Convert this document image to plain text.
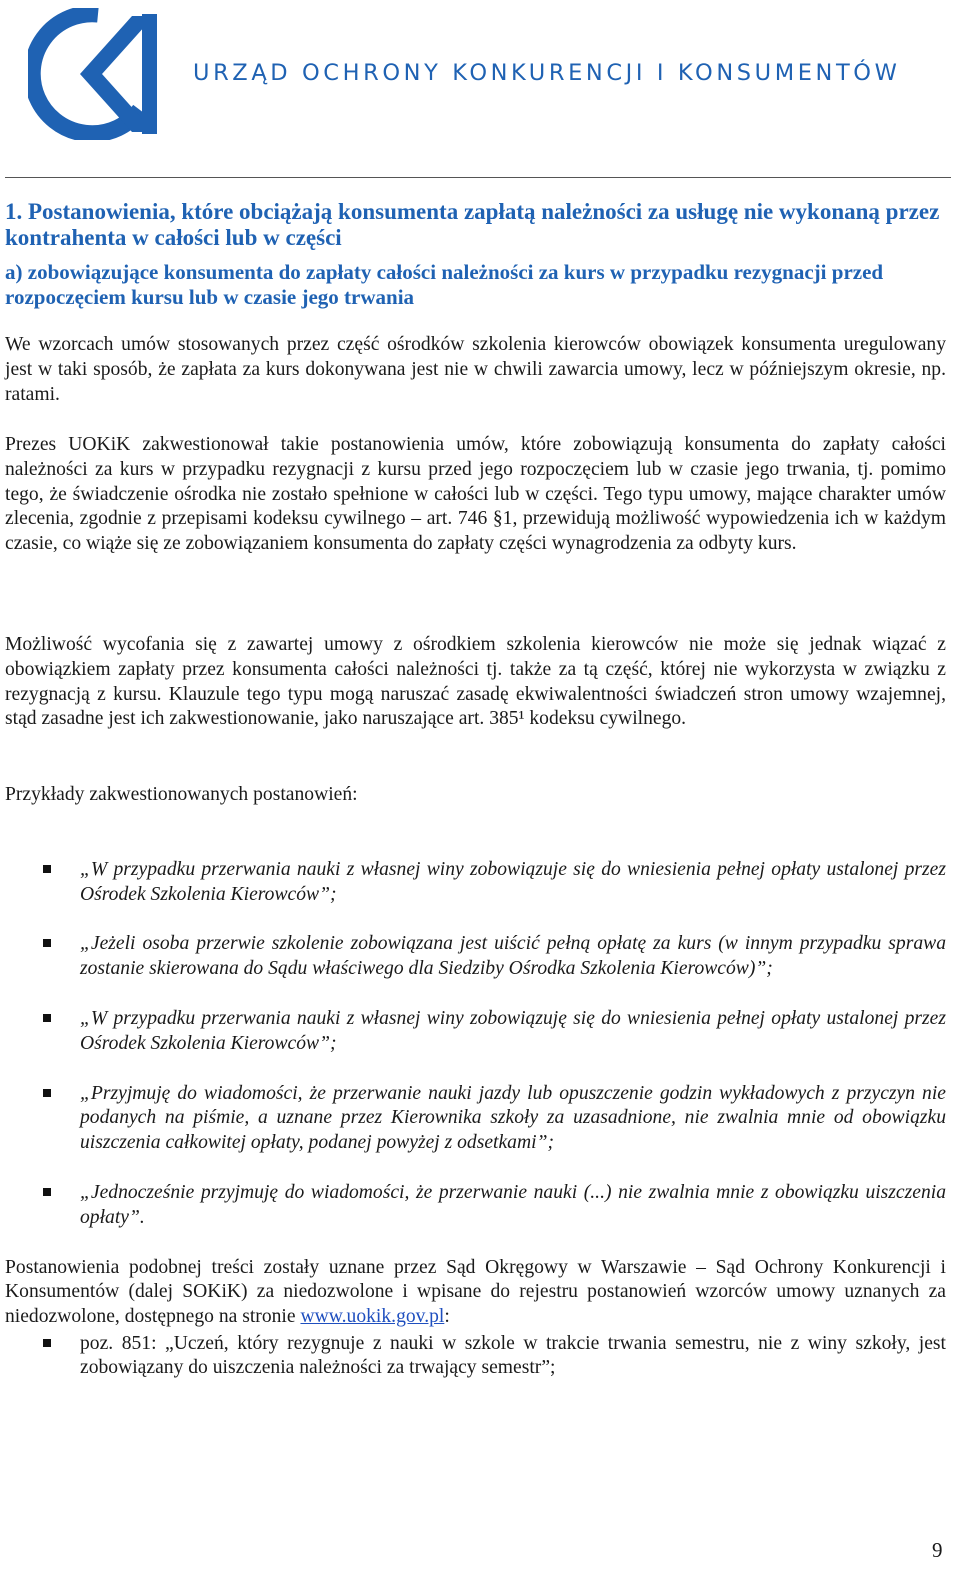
URZĄD OCHRONY KONKURENCJI I KONSUMENTÓW
1. Postanowienia, które obciążają konsumenta zapłatą należności za usługę nie wykonaną przez kontrahenta w całości lub w części
a) zobowiązujące konsumenta do zapłaty całości należności za kurs w przypadku rezygnacji przed rozpoczęciem kursu lub w czasie jego trwania

We wzorcach umów stosowanych przez część ośrodków szkolenia kierowców obowiązek konsumenta uregulowany jest w taki sposób, że zapłata za kurs dokonywana jest nie w chwili zawarcia umowy, lecz w późniejszym okresie, np. ratami.

Prezes UOKiK zakwestionował takie postanowienia umów, które zobowiązują konsumenta do zapłaty całości należności za kurs w przypadku rezygnacji z kursu przed jego rozpoczęciem lub w czasie jego trwania, tj. pomimo tego, że świadczenie ośrodka nie zostało spełnione w całości lub w części. Tego typu umowy, mające charakter umów zlecenia, zgodnie z przepisami kodeksu cywilnego – art. 746 §1, przewidują możliwość wypowiedzenia ich w każdym czasie, co wiąże się ze zobowiązaniem konsumenta do zapłaty części wynagrodzenia za odbyty kurs.

Możliwość wycofania się z zawartej umowy z ośrodkiem szkolenia kierowców nie może się jednak wiązać z obowiązkiem zapłaty przez konsumenta całości należności tj. także za tą część, której nie wykorzysta w związku z rezygnacją z kursu. Klauzule tego typu mogą naruszać zasadę ekwiwalentności świadczeń stron umowy wzajemnej, stąd zasadne jest ich zakwestionowanie, jako naruszające art. 385¹ kodeksu cywilnego.

Przykłady zakwestionowanych postanowień:

„W przypadku przerwania nauki z własnej winy zobowiązuje się do wniesienia pełnej opłaty ustalonej przez Ośrodek Szkolenia Kierowców”;
„Jeżeli osoba przerwie szkolenie zobowiązana jest uiścić pełną opłatę za kurs (w innym przypadku sprawa zostanie skierowana do Sądu właściwego dla Siedziby Ośrodka Szkolenia Kierowców)”;
„W przypadku przerwania nauki z własnej winy zobowiązuję się do wniesienia pełnej opłaty ustalonej przez Ośrodek Szkolenia Kierowców”;
„Przyjmuję do wiadomości, że przerwanie nauki jazdy lub opuszczenie godzin wykładowych z przyczyn nie podanych na piśmie, a uznane przez Kierownika szkoły za uzasadnione, nie zwalnia mnie od obowiązku uiszczenia całkowitej opłaty, podanej powyżej z odsetkami”;
„Jednocześnie przyjmuję do wiadomości, że przerwanie nauki (...) nie zwalnia mnie z obowiązku uiszczenia opłaty”.

Postanowienia podobnej treści zostały uznane przez Sąd Okręgowy w Warszawie – Sąd Ochrony Konkurencji i Konsumentów (dalej SOKiK) za niedozwolone i wpisane do rejestru postanowień wzorców umowy uznanych za niedozwolone, dostępnego na stronie www.uokik.gov.pl:

poz. 851: „Uczeń, który rezygnuje z nauki w szkole w trakcie trwania semestru, nie z winy szkoły, jest zobowiązany do uiszczenia należności za trwający semestr”;
9
